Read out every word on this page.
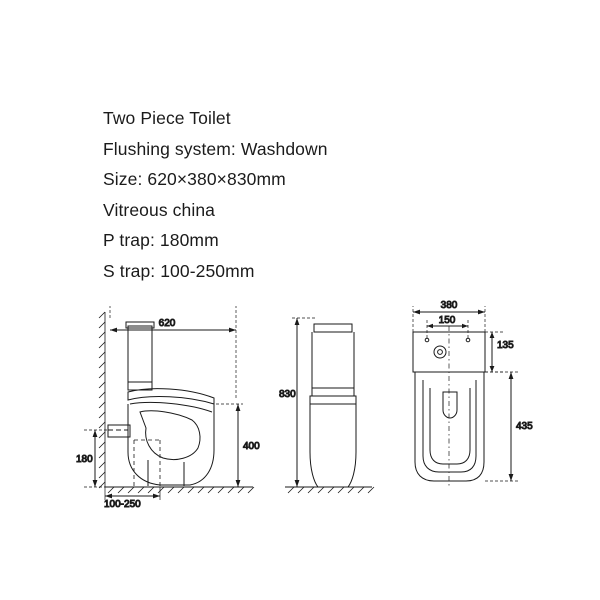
Two Piece Toilet
Flushing system: Washdown
Size: 620×380×830mm
Vitreous china
P trap: 180mm
S trap: 100-250mm
620
400
180
100-250
830
380
150
135
435
